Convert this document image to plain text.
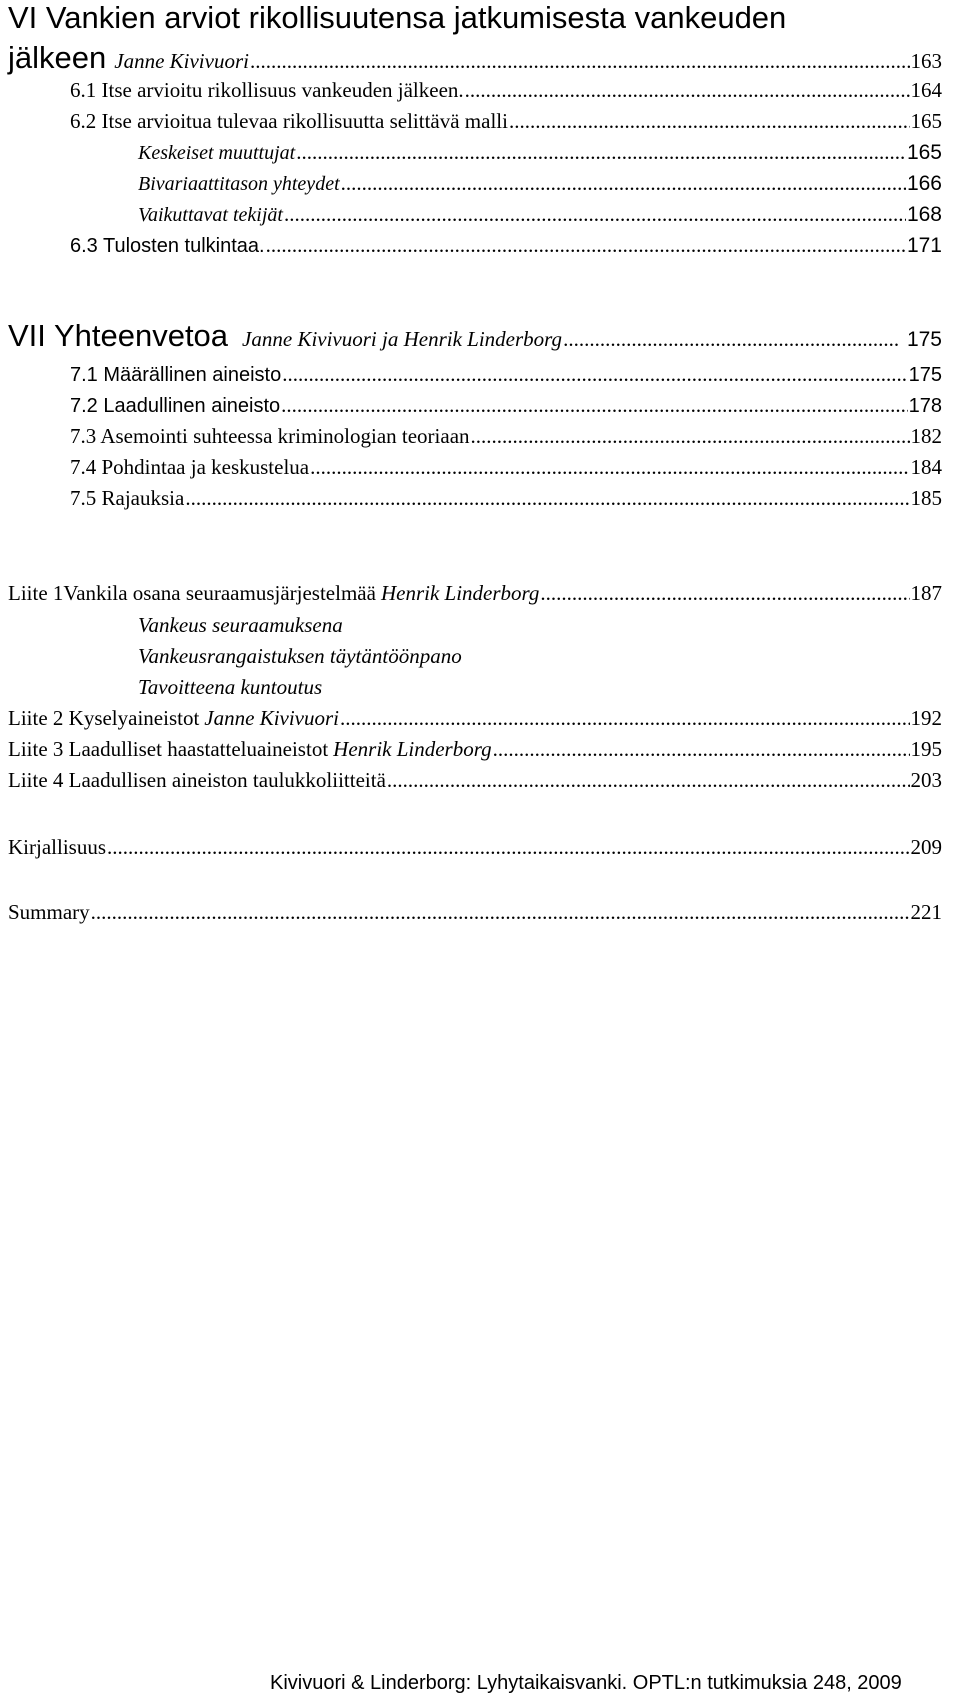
VI Vankien arviot rikollisuutensa jatkumisesta vankeuden
jälkeen Janne Kivivuori .....	163
6.1 Itse arvioitu rikollisuus vankeuden jälkeen. .....	164
6.2 Itse arvioitua tulevaa rikollisuutta selittävä malli .....	165
Keskeiset muuttujat .....	165
Bivariaattitason yhteydet .....	166
Vaikuttavat tekijät .....	168
6.3 Tulosten tulkintaa. .....	171
VII Yhteenvetoa Janne Kivivuori ja Henrik Linderborg .....	175
7.1 Määrällinen aineisto .....	175
7.2 Laadullinen aineisto .....	178
7.3 Asemointi suhteessa kriminologian teoriaan .....	182
7.4 Pohdintaa ja keskustelua .....	184
7.5 Rajauksia .....	185
Liite 1Vankila osana seuraamusjärjestelmää Henrik Linderborg .....	187
Vankeus seuraamuksena
Vankeusrangaistuksen täytäntöönpano
Tavoitteena kuntoutus
Liite 2 Kyselyaineistot Janne Kivivuori .....	192
Liite 3 Laadulliset haastatteluaineistot Henrik Linderborg .....	195
Liite 4 Laadullisen aineiston taulukkoliitteitä .....	203
Kirjallisuus .....	209
Summary .....	221
Kivivuori & Linderborg: Lyhytaikaisvanki. OPTL:n tutkimuksia 248, 2009
